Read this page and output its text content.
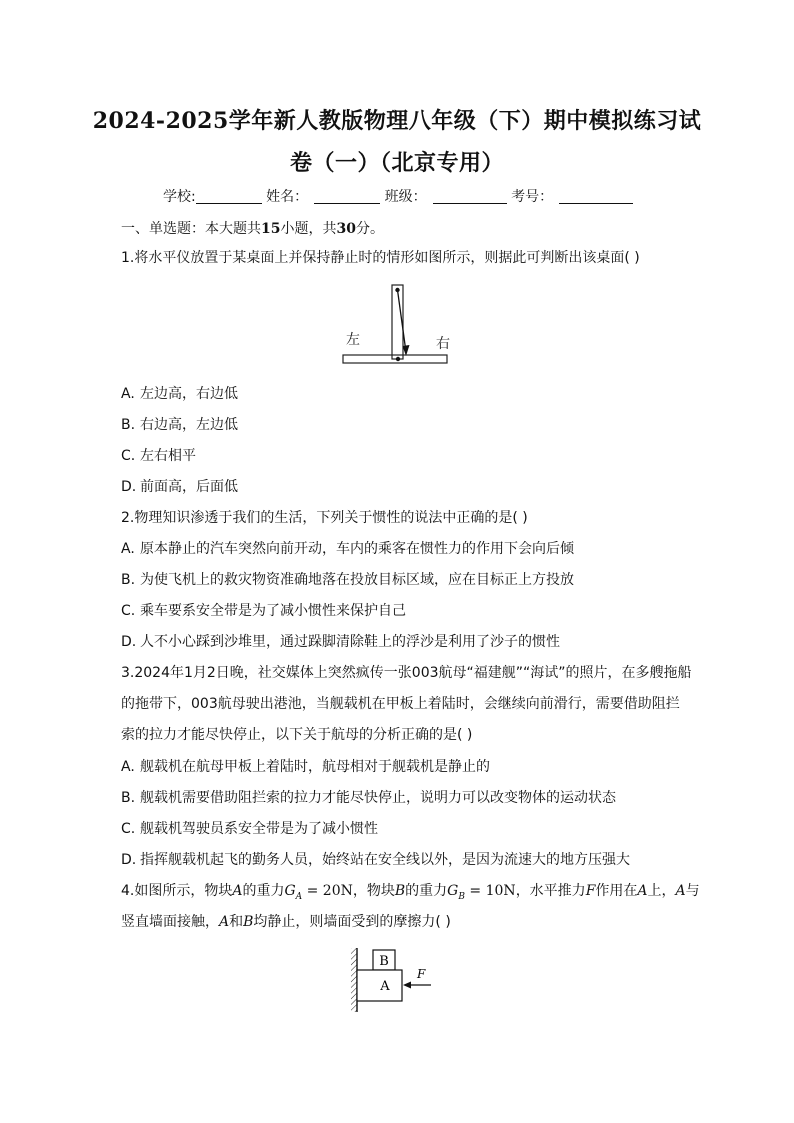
2024-2025学年新人教版物理八年级（下）期中模拟练习试
卷（一）（北京专用）
学校:	姓名：	班级：	考号：
一、单选题：本大题共15小题，共30分。
1.将水平仪放置于某桌面上并保持静止时的情形如图所示，则据此可判断出该桌面( )
左	右
A. 左边高，右边低
B. 右边高，左边低
C. 左右相平
D. 前面高，后面低
2.物理知识渗透于我们的生活，下列关于惯性的说法中正确的是( )
A. 原本静止的汽车突然向前开动，车内的乘客在惯性力的作用下会向后倾
B. 为使飞机上的救灾物资准确地落在投放目标区域，应在目标正上方投放
C. 乘车要系安全带是为了减小惯性来保护自己
D. 人不小心踩到沙堆里，通过跺脚清除鞋上的浮沙是利用了沙子的惯性
3.2024年1月2日晚，社交媒体上突然疯传一张003航母“福建舰”“海试”的照片，在多艘拖船
的拖带下，003航母驶出港池，当舰载机在甲板上着陆时，会继续向前滑行，需要借助阻拦
索的拉力才能尽快停止，以下关于航母的分析正确的是( )
A. 舰载机在航母甲板上着陆时，航母相对于舰载机是静止的
B. 舰载机需要借助阻拦索的拉力才能尽快停止，说明力可以改变物体的运动状态
C. 舰载机驾驶员系安全带是为了减小惯性
D. 指挥舰载机起飞的勤务人员，始终站在安全线以外，是因为流速大的地方压强大
4.如图所示，物块A的重力$G_A = 20N$，物块B的重力$G_B = 10N$，水平推力F作用在A上，A与
竖直墙面接触，A和B均静止，则墙面受到的摩擦力( )
B
A
F
